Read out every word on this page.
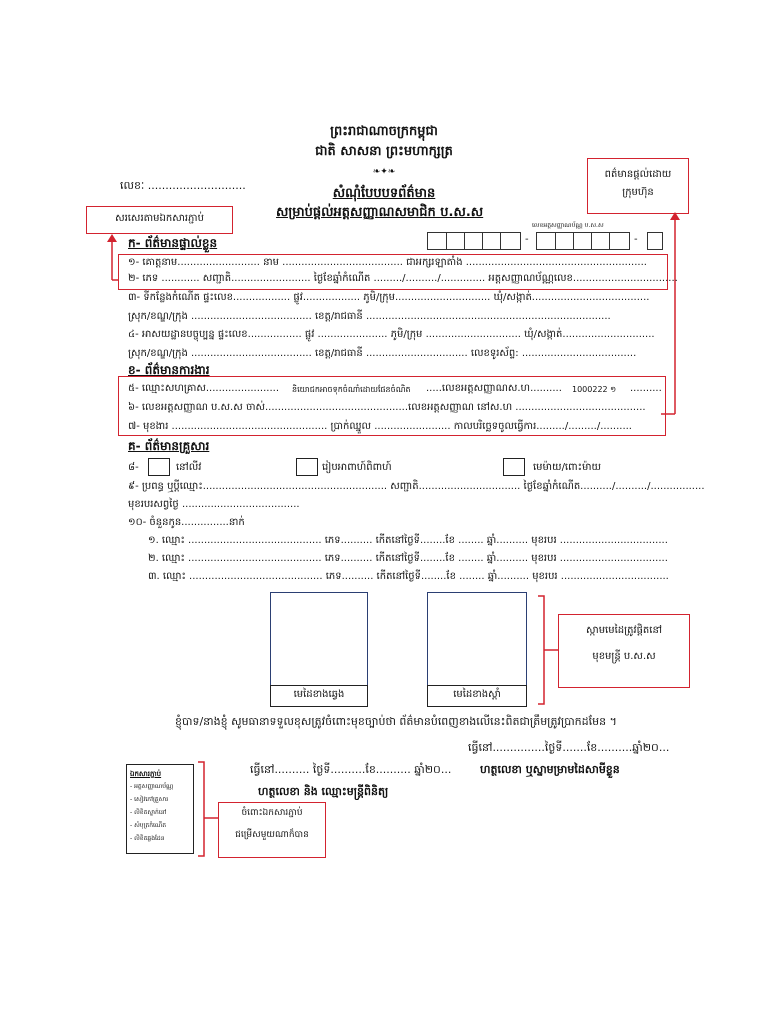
ព្រះរាជាណាចក្រកម្ពុជា
ជាតិ សាសនា ព្រះមហាក្សត្រ
❧✦❧
លេខៈ ............................
សំណុំបែបបទព័ត៌មាន
សម្រាប់ផ្តល់អត្តសញ្ញាណសមាជិក ប.ស.ស
លេខអត្តសញ្ញាណប័ណ្ណ ប.ស.ស
-	-
ពត៌មានផ្តល់ដោយ
ក្រុមហ៊ុន
សរសេរតាមឯកសារភ្ជាប់
ក- ព័ត៌មានផ្ទាល់ខ្លួន
១- គោត្តនាម.......................... នាម ...................................... ជាអក្សរឡាតាំង .........................................................
២- ភេទ ............ សញ្ជាតិ......................... ថ្ងៃខែឆ្នាំកំណើត ........./........../.............. អត្តសញ្ញាណប័ណ្ណលេខ.................................
៣- ទីកន្លែងកំណើត ផ្ទះលេខ.................. ផ្លូវ.................. ភូមិ/ក្រុម.............................. ឃុំ/សង្កាត់.....................................
ស្រុក/ខណ្ឌ/ក្រុង ...................................... ខេត្ត/រាជធានី .............................................................................
៤- អាសយដ្ឋានបច្ចុប្បន្ន ផ្ទះលេខ................. ផ្លូវ ...................... ភូមិ/ក្រុម .............................. ឃុំ/សង្កាត់.............................
ស្រុក/ខណ្ឌ/ក្រុង ...................................... ខេត្ត/រាជធានី ................................ លេខទូរស័ព្ទ: ....................................
ខ- ព័ត៌មានការងារ
៥- ឈ្មោះសហគ្រាស....................... និយោជកអាចទុកចំណាំដោយផែនចំណិត .....លេខអត្តសញ្ញាណស.ហ.......... 1000222 ១ ..........
៦- លេខអត្តសញ្ញាណ ប.ស.ស ចាស់.............................................លេខអត្តសញ្ញាណ នៅស.ហ .........................................
៧- មុខងារ ................................................. ប្រាក់ឈ្នួល ........................ កាលបរិច្ឆេទចូលធ្វើការ........./........./..........
គ- ព័ត៌មានគ្រួសារ
៨-	នៅលីវ	រៀបអាពាហ៍ពិពាហ៍	មេម៉ាយ/ពោះម៉ាយ
៩- ប្រពន្ធ ឬប្តីឈ្មោះ.......................................................... សញ្ជាតិ................................ ថ្ងៃខែឆ្នាំកំណើត........../........../.................
មុខរបរសព្វថ្ងៃ .....................................
១០- ចំនួនកូន...............នាក់
១. ឈ្មោះ .......................................... ភេទ.......... កើតនៅថ្ងៃទី........ខែ ........ ឆ្នាំ.......... មុខរបរ ..................................
២. ឈ្មោះ .......................................... ភេទ.......... កើតនៅថ្ងៃទី........ខែ ........ ឆ្នាំ.......... មុខរបរ ..................................
៣. ឈ្មោះ .......................................... ភេទ.......... កើតនៅថ្ងៃទី........ខែ ........ ឆ្នាំ.......... មុខរបរ ..................................
មេដៃខាងឆ្វេង	មេដៃខាងស្តាំ
ស្កាមមេដៃត្រូវផ្តិតនៅ

មុខមន្ត្រី ប.ស.ស
ខ្ញុំបាទ/នាងខ្ញុំ សូមធានាទទួលខុសត្រូវចំពោះមុខច្បាប់ថា ព័ត៌មានបំពេញខាងលើនេះពិតជាត្រឹមត្រូវប្រាកដមែន ។
ធ្វើនៅ...............ថ្ងៃទី.......ខែ..........ឆ្នាំ២០...
ធ្វើនៅ.......... ថ្ងៃទី..........ខែ.......... ឆ្នាំ២០...	ហត្ថលេខា ឬស្នាមម្រាមដៃសាមីខ្លួន
ហត្ថលេខា និង ឈ្មោះមន្ត្រីពិនិត្យ
ឯកសារភ្ជាប់
- អត្តសញ្ញាណប័ណ្ណ
- សៀវភៅគ្រួសារ
- លិខិតស្នាក់នៅ
- សំបុត្រកំណើត
- លិខិតឆ្លងដែន
ចំពោះឯកសារភ្ជាប់

ជម្រើសមួយណាក៏បាន
